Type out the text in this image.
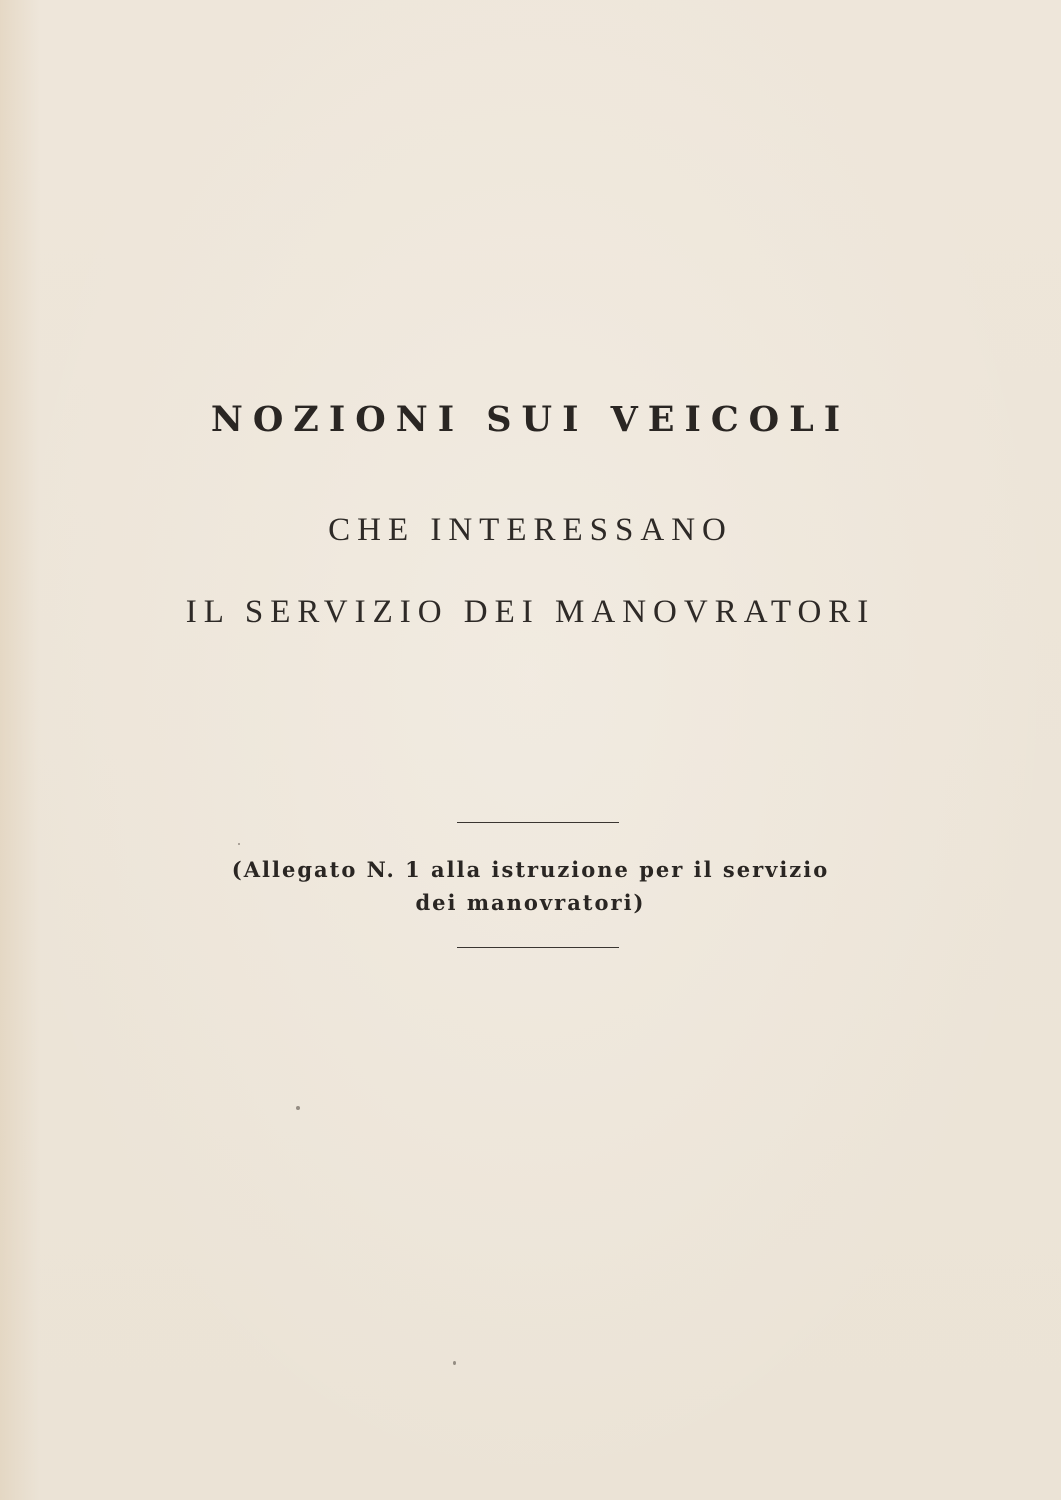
NOZIONI SUI VEICOLI
CHE INTERESSANO
IL SERVIZIO DEI MANOVRATORI
(Allegato N. 1 alla istruzione per il servizio
dei manovratori)
